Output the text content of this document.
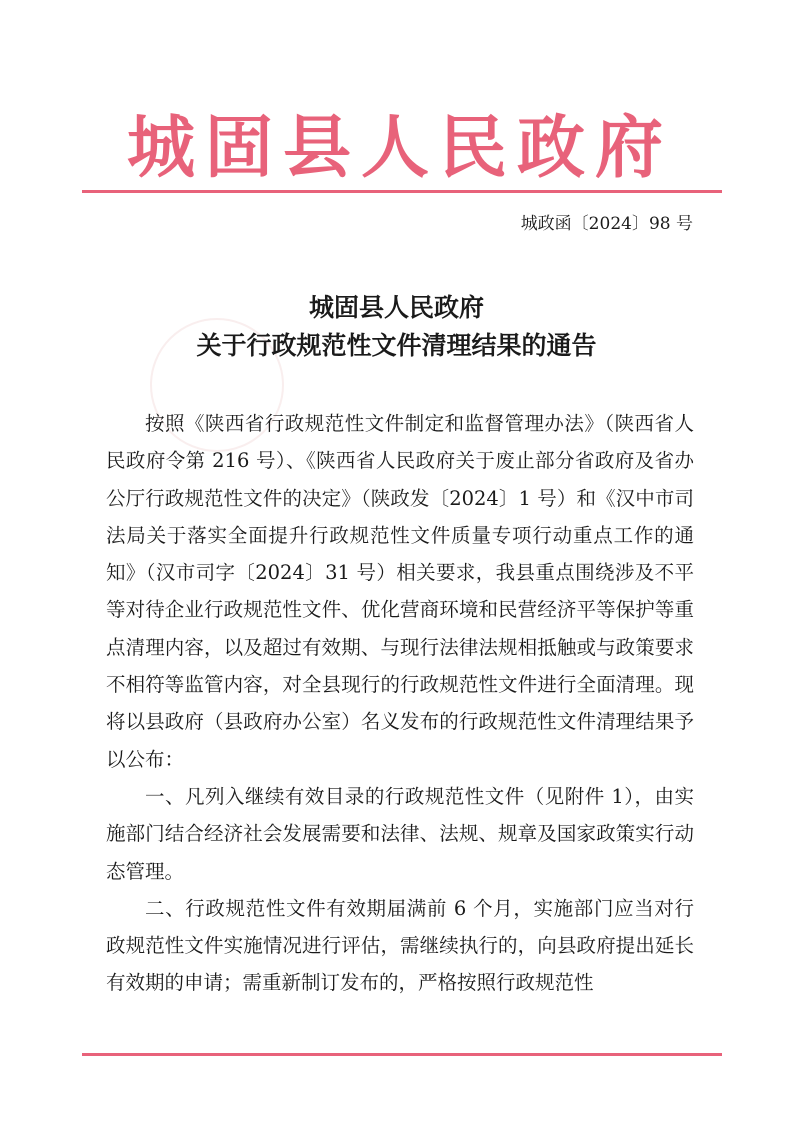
城固县人民政府
城政函〔2024〕98 号
城固县人民政府
关于行政规范性文件清理结果的通告

按照《陕西省行政规范性文件制定和监督管理办法》（陕西省人民政府令第 216 号）、《陕西省人民政府关于废止部分省政府及省办公厅行政规范性文件的决定》（陕政发〔2024〕1 号）和《汉中市司法局关于落实全面提升行政规范性文件质量专项行动重点工作的通知》（汉市司字〔2024〕31 号）相关要求，我县重点围绕涉及不平等对待企业行政规范性文件、优化营商环境和民营经济平等保护等重点清理内容，以及超过有效期、与现行法律法规相抵触或与政策要求不相符等监管内容，对全县现行的行政规范性文件进行全面清理。现将以县政府（县政府办公室）名义发布的行政规范性文件清理结果予以公布：

一、凡列入继续有效目录的行政规范性文件（见附件 1），由实施部门结合经济社会发展需要和法律、法规、规章及国家政策实行动态管理。

二、行政规范性文件有效期届满前 6 个月，实施部门应当对行政规范性文件实施情况进行评估，需继续执行的，向县政府提出延长有效期的申请；需重新制订发布的，严格按照行政规范性
